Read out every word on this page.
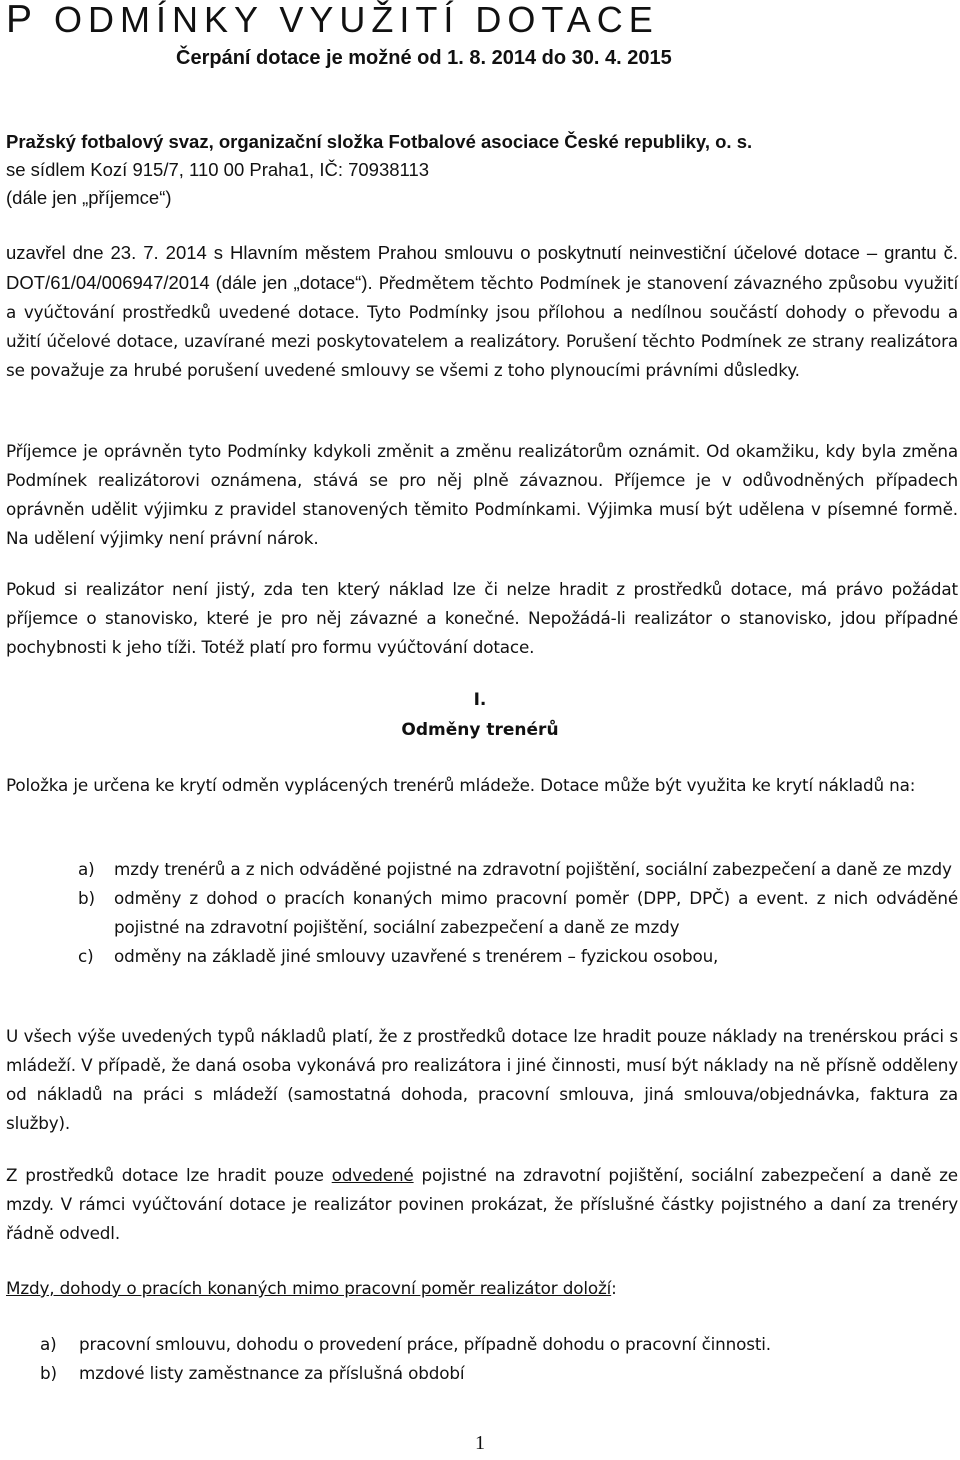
P ODMÍNKY VYUŽITÍ DOTACE
Čerpání dotace je možné od 1. 8. 2014 do 30. 4. 2015
Pražský fotbalový svaz, organizační složka Fotbalové asociace České republiky, o. s.
se sídlem Kozí 915/7, 110 00 Praha1, IČ: 70938113
(dále jen „příjemce“)

uzavřel dne 23. 7. 2014 s Hlavním městem Prahou smlouvu o poskytnutí neinvestiční účelové dotace – grantu č. DOT/61/04/006947/2014 (dále jen „dotace“). Předmětem těchto Podmínek je stanovení závazného způsobu využití a vyúčtování prostředků uvedené dotace. Tyto Podmínky jsou přílohou a nedílnou součástí dohody o převodu a užití účelové dotace, uzavírané mezi poskytovatelem a realizátory. Porušení těchto Podmínek ze strany realizátora se považuje za hrubé porušení uvedené smlouvy se všemi z toho plynoucími právními důsledky.

Příjemce je oprávněn tyto Podmínky kdykoli změnit a změnu realizátorům oznámit. Od okamžiku, kdy byla změna Podmínek realizátorovi oznámena, stává se pro něj plně závaznou. Příjemce je v odůvodněných případech oprávněn udělit výjimku z pravidel stanovených těmito Podmínkami. Výjimka musí být udělena v písemné formě. Na udělení výjimky není právní nárok.

Pokud si realizátor není jistý, zda ten který náklad lze či nelze hradit z prostředků dotace, má právo požádat příjemce o stanovisko, které je pro něj závazné a konečné. Nepožádá-li realizátor o stanovisko, jdou případné pochybnosti k jeho tíži. Totéž platí pro formu vyúčtování dotace.

I.
Odměny trenérů

Položka je určena ke krytí odměn vyplácených trenérů mládeže. Dotace může být využita ke krytí nákladů na:

a) mzdy trenérů a z nich odváděné pojistné na zdravotní pojištění, sociální zabezpečení a daně ze mzdy
b) odměny z dohod o pracích konaných mimo pracovní poměr (DPP, DPČ) a event. z nich odváděné pojistné na zdravotní pojištění, sociální zabezpečení a daně ze mzdy
c) odměny na základě jiné smlouvy uzavřené s trenérem – fyzickou osobou,

U všech výše uvedených typů nákladů platí, že z prostředků dotace lze hradit pouze náklady na trenérskou práci s mládeží. V případě, že daná osoba vykonává pro realizátora i jiné činnosti, musí být náklady na ně přísně odděleny od nákladů na práci s mládeží (samostatná dohoda, pracovní smlouva, jiná smlouva/objednávka, faktura za služby).

Z prostředků dotace lze hradit pouze odvedené pojistné na zdravotní pojištění, sociální zabezpečení a daně ze mzdy. V rámci vyúčtování dotace je realizátor povinen prokázat, že příslušné částky pojistného a daní za trenéry řádně odvedl.

Mzdy, dohody o pracích konaných mimo pracovní poměr realizátor doloží:

a) pracovní smlouvu, dohodu o provedení práce, případně dohodu o pracovní činnosti.
b) mzdové listy zaměstnance za příslušná období
1
